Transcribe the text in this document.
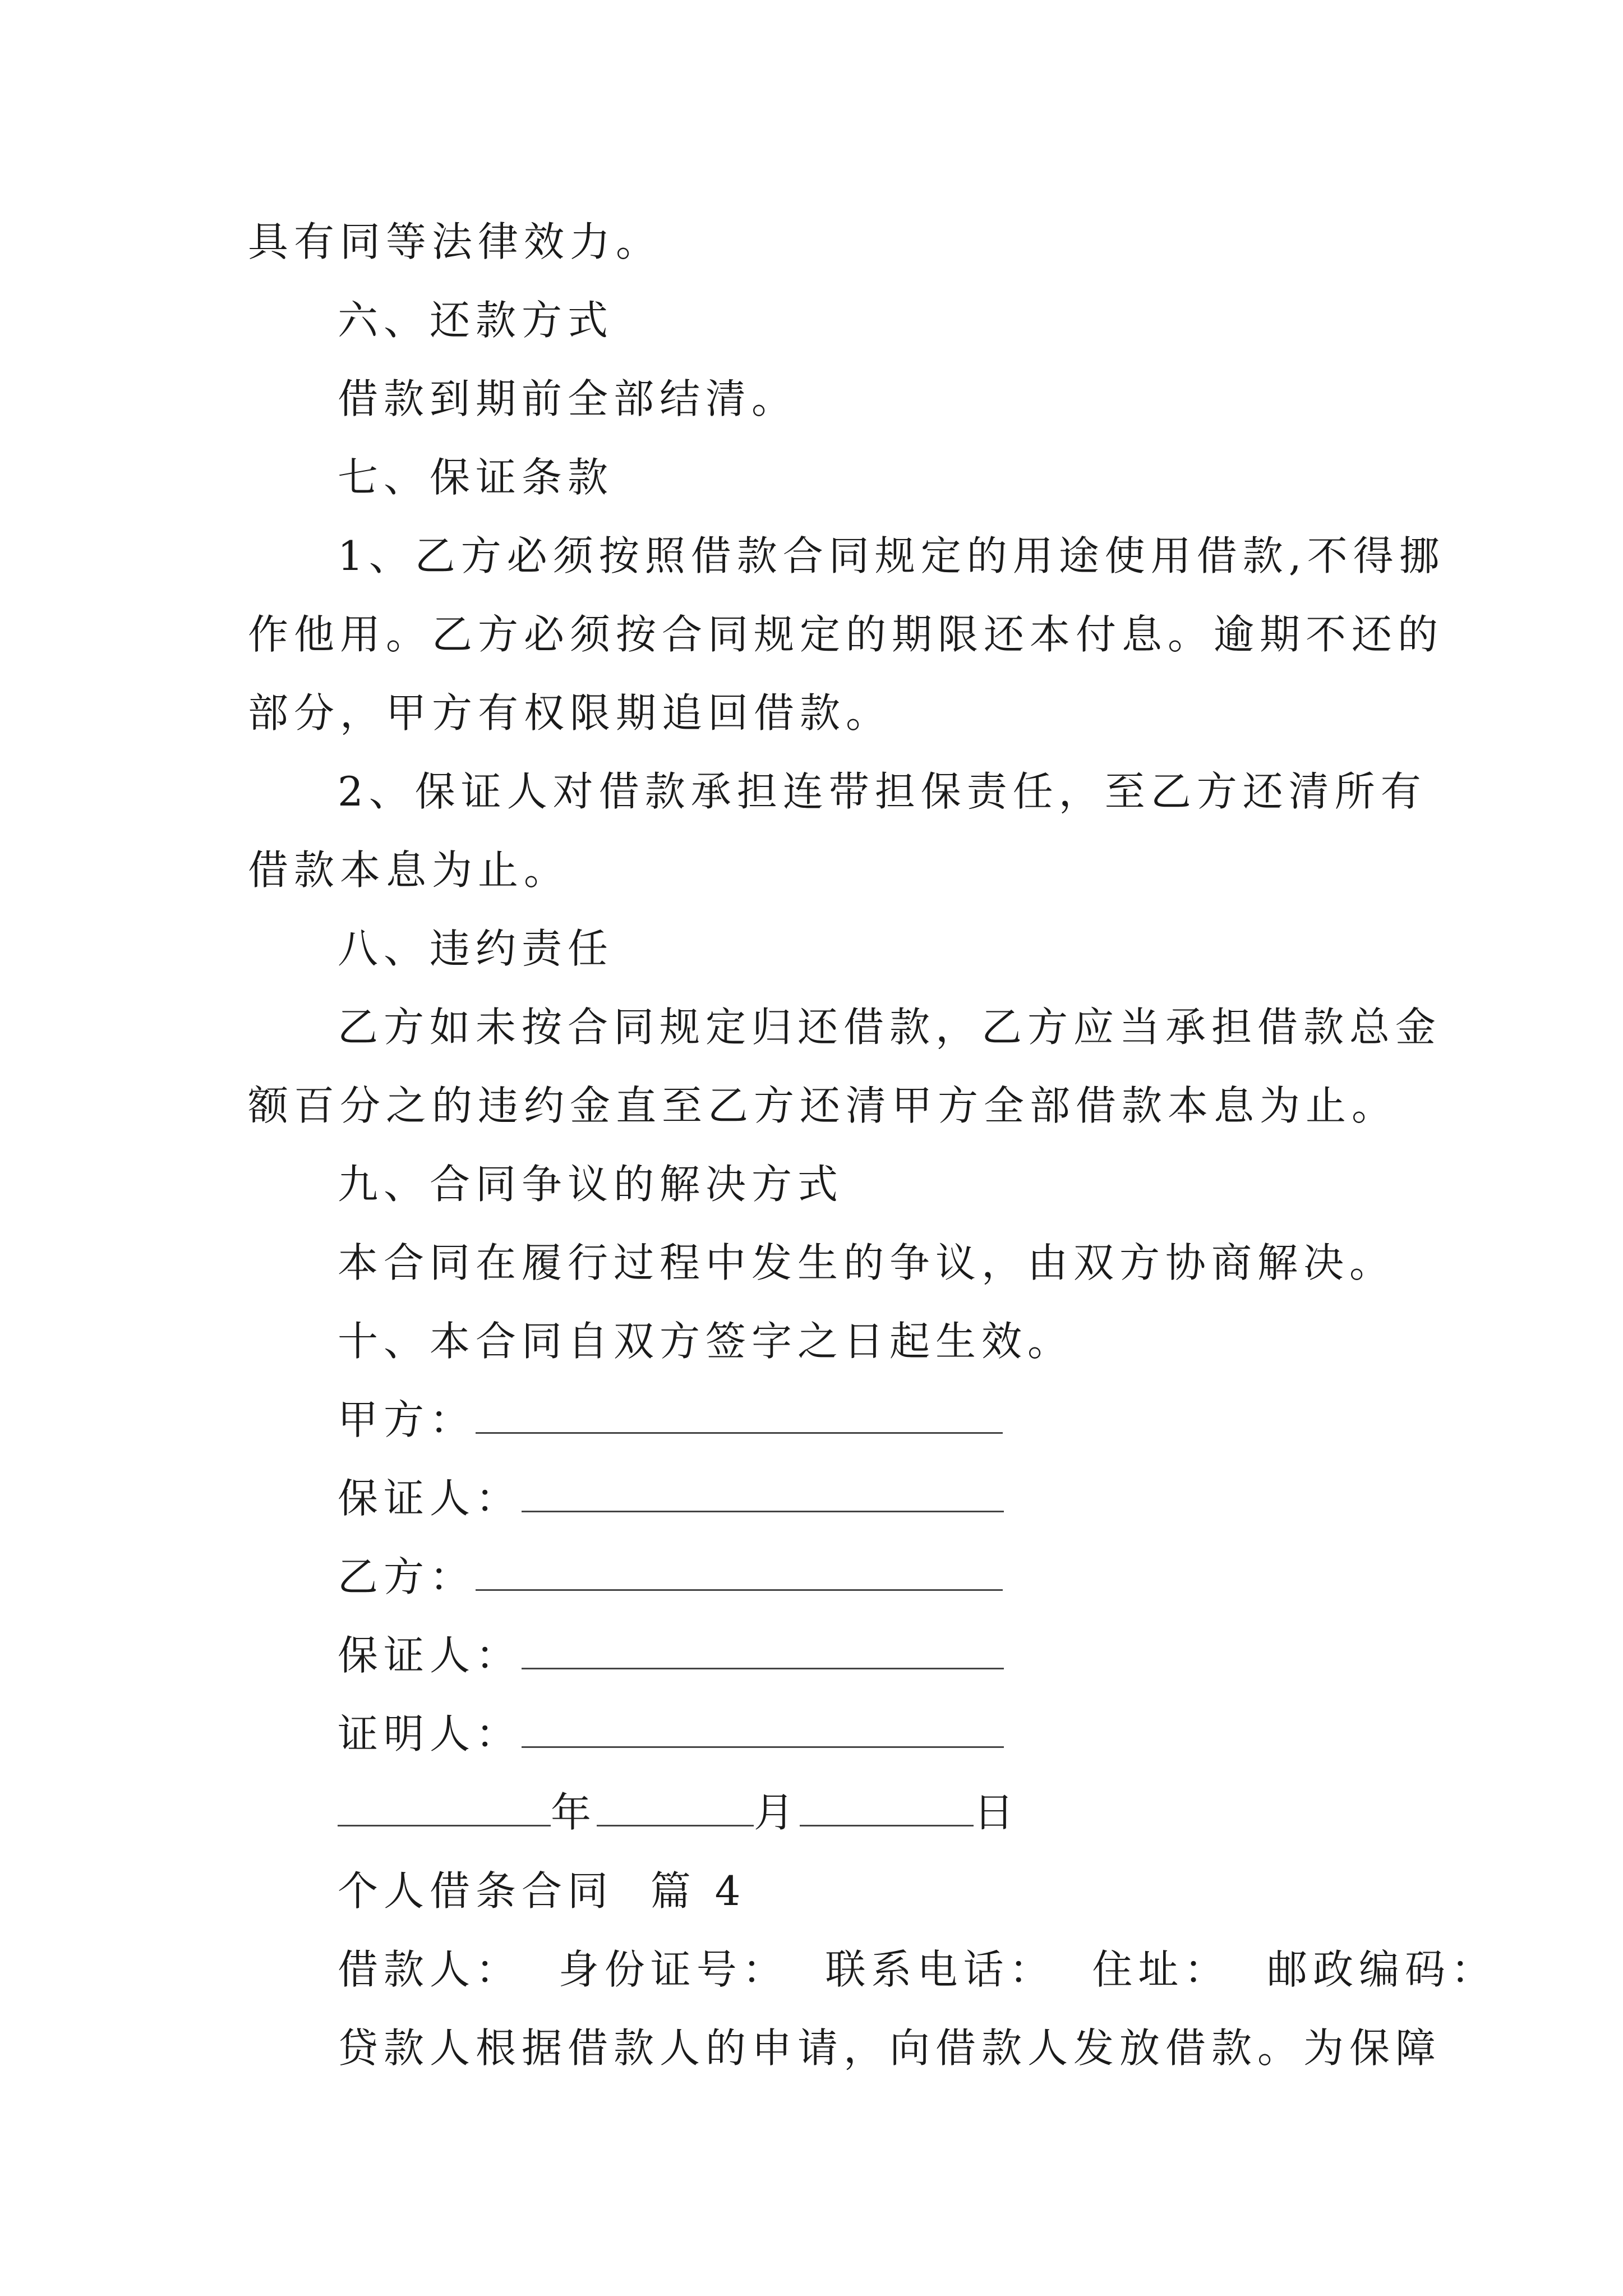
具有同等法律效力。

六、还款方式

借款到期前全部结清。

七、保证条款

1、乙方必须按照借款合同规定的用途使用借款,不得挪

作他用。乙方必须按合同规定的期限还本付息。逾期不还的

部分，甲方有权限期追回借款。

2、保证人对借款承担连带担保责任，至乙方还清所有

借款本息为止。

八、违约责任

乙方如未按合同规定归还借款，乙方应当承担借款总金

额百分之的违约金直至乙方还清甲方全部借款本息为止。

九、合同争议的解决方式

本合同在履行过程中发生的争议，由双方协商解决。

十、本合同自双方签字之日起生效。

甲方：

保证人：

乙方：

保证人：

证明人：

年	月	日

个人借条合同  篇 4

借款人：  身份证号：  联系电话：  住址：  邮政编码：

贷款人根据借款人的申请，向借款人发放借款。为保障
